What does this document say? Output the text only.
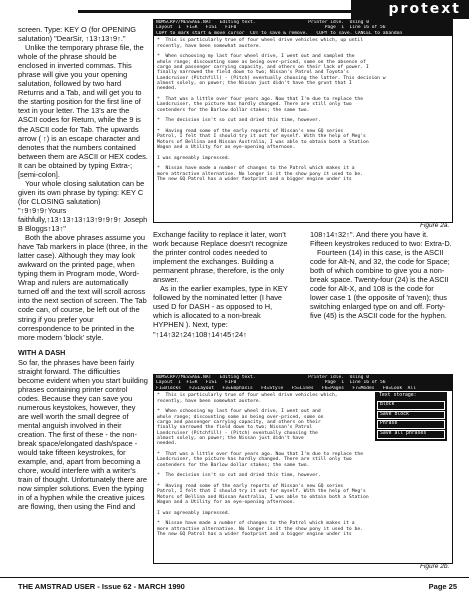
protext

screen. Type: KEY O (for OPENING salutation) "DearSir, ↑13↑13↑9↑."

Unlike the temporary phrase file, the whole of the phrase should be enclosed in inverted commas. This phrase will give you your opening salutation, followed by two hard Returns and a Tab, and will get you to the starting position for the first line of text in your letter. The 13's are the ASCII codes for Return, while the 9 is the ASCII code for Tab. The upwards arrow ( ↑) is an escape character and denotes that the numbers contained between them are ASCII or HEX codes. It can be obtained by typing Extra-; [semi-colon].

Your whole closing salutation can be given its own phrase by typing: KEY C (for CLOSING salutation) "↑9↑9↑9↑Yours faithfully,↑13↑13↑13↑13↑9↑9↑9↑ Joseph B Bloggs↑13↑"

Both the above phrases assume you have Tab markers in place (three, in the latter case). Although they may look awkward on the printed page, when typing them in Program mode, Word-Wrap and rulers are automatically turned off and the text will scroll across into the next section of screen. The Tab code can, of course, be left out of the string if you prefer your correspondence to be printed in the more modern 'block' style.

WITH A DASH

So far, the phrases have been fairly straight forward. The difficulties become evident when you start building phrases containing printer control codes. Because they can save you numerous keystokes, however, they are well worth the small degree of mental anguish involved in their creation. The first of these - the non-break space/elongated dash/space - would take fifteen keystrokes, for example, and, apart from becoming a chore, would interfere with a writer's train of thought. Unfortunately there are now simpler solutions. Even the typing in of a hyphen while the creative juices are flowing, then using the Find and

NUMSCRP7/MESSAGE.NAT   Editing text.                   Printer idle.  Using 0
Layout  1  F1=K   F1S1   F1F0                                Page  1  Line 16 of 56
COPY to mark start & move cursor  CUT to save & remove.   COPY to save. CANCEL to abandon
*  This is particularly true of four wheel drive vehicles which, up until
recently, have been somewhat austere.
*  When schoosing my last four wheel drive, I went out and sampled the
whole range; discounting some as being over-priced, some on the absence of
cargo and passenger carrying capacity, and others on their lack of power. I
finally narrowed the field down to two; Nissan's Patrol and Toyota's
Landcruiser (Pitchfill) - (Pitch) eventually choosing the latter. This decision w
almost solely, on power; the Nissan just didn't have the grunt that I
needed.
*  That was a little over four years ago. Now that I'm due to replace the
Landcruiser, the picture has hardly changed. There are still only two
contenders for the Barlow dollar stakes; the same two.
*  The decision isn't so cut and dried this time, however.
*  Having read some of the early reports of Nissan's new GQ series
Patrol, I felt that I should try it out for myself. With the help of Meg's
Motors of Bellina and Nissan Australia, I was able to obtain both a Station
Wagon and a Utility for an eye-opening afternoon.
I was agreeably impressed.
*  Nissan have made a number of changes to the Patrol which makes it a
more attractive alternative. No longer is it the show pony it used to be.
The new GQ Patrol has a wider footprint and a bigger engine under its
Figure 2a.

Exchange facility to replace it later, won't work because Replace doesn't recognize the printer control codes needed to implement the exchanges. Building a permanent phrase, therefore, is the only answer.

As in the earlier examples, type in KEY followed by the nominated letter (I have used D for DASH - as opposed to H, which is allocated to a non-break HYPHEN ). Next, type:

"↑14↑32↑24↑108↑14↑45↑24↑

108↑14↑32↑". And there you have it. Fifteen keystrokes reduced to two: Extra-D.

Fourteen (14) in this case, is the ASCII code for Alt-N, and 32, the code for Space; both of which combine to give you a non-break space. Twenty-four (24) is the ASCII code for Alt-X, and 108 is the code for lower case 1 (the opposite of 'raven); thus switching enlarged type on and off. Forty-five (45) is the ASCII code for the hyphen.

NUMSCRP7/MESSAGE.NAT   Editing text.                   Printer idle.  Using 0
Layout  1  F1=K   F1S1   F1F0                                Page  1  Line 16 of 56
F1=Blocks   F2=Layout   F3=Emphasis   F4=Style   F5=Lines   F6=Pages   F7=Modes   F8=Look  All
*  This is particularly true of four wheel drive vehicles which,
recently, have been somewhat austere.
*  When schoosing my last four wheel drive, I went out and
whole range; discounting some as being over-priced, some on
cargo and passenger carrying capacity, and others on their
finally narrowed the field down to two; Nissan's Patrol
Landcruiser (Pitchfill) - (Pitch) eventually choosing the
almost solely, on power; the Nissan just didn't have
needed.
*  That was a little over four years ago. Now that I'm due to replace the
Landcruiser, the picture has hardly changed. There are still only two
contenders for the Barlow dollar stakes; the same two.
*  The decision isn't so cut and dried this time, however.
*  Having read some of the early reports of Nissan's new GQ series
Patrol, I felt that I should try it out for myself. With the help of Meg's
Motors of Bellina and Nissan Australia, I was able to obtain both a Station
Wagon and a Utility for an eye-opening afternoon.
I was agreeably impressed.
*  Nissan have made a number of changes to the Patrol which makes it a
more attractive alternative. No longer is it the show pony it used to be.
The new GQ Patrol has a wider footprint and a bigger engine under its
Text storage:
Block
Save block
Phrase
Save all phrases
Figure 2b.
THE AMSTRAD USER - Issue 62 - MARCH 1990	Page 25
